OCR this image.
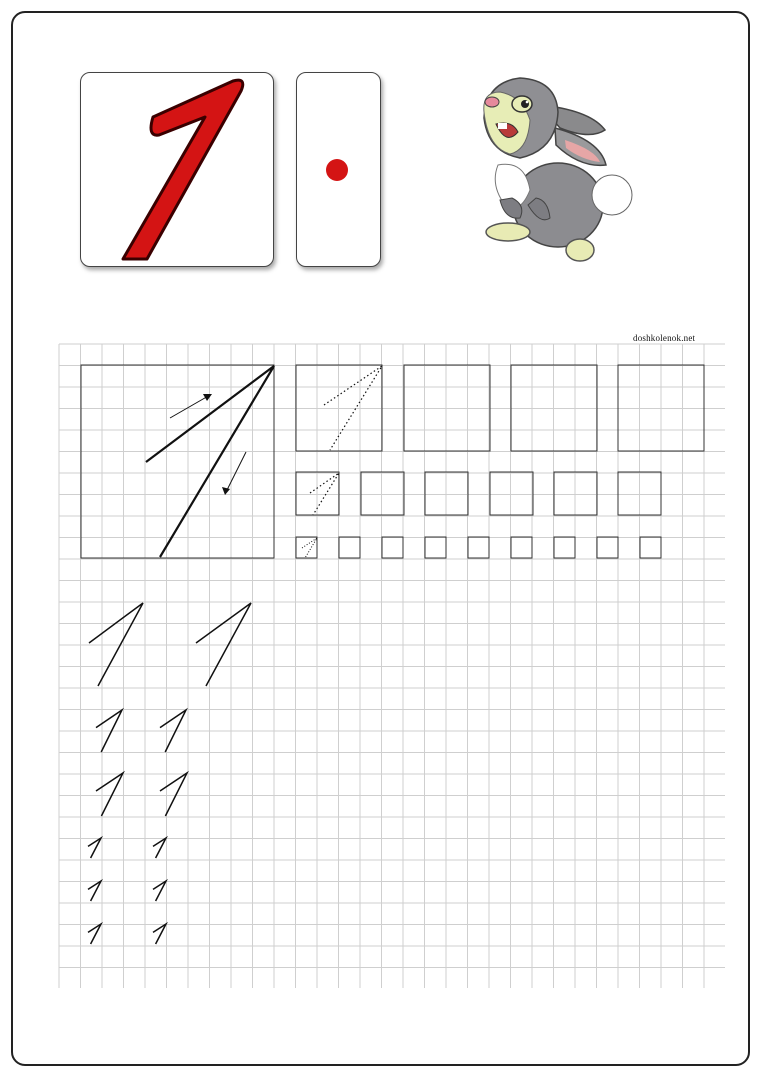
doshkolenok.net
